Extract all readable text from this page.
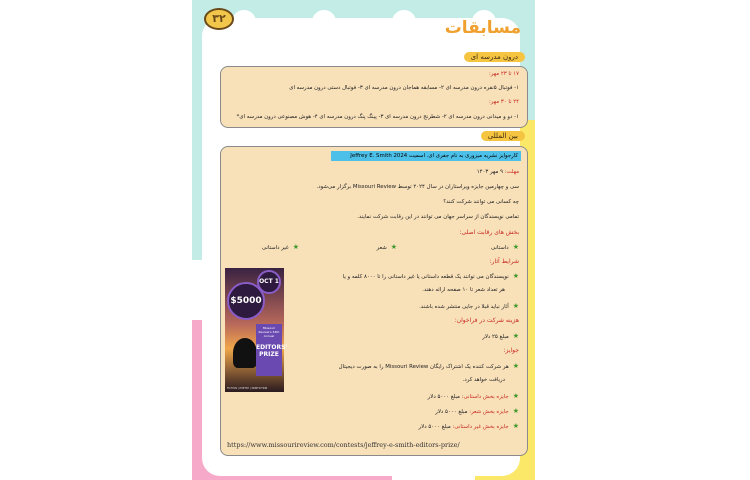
۳۲	مسابقات
درون مدرسه ای
۱۷ تا ۲۳ مهر:
۱- فوتبال ۵نفره درون مدرسه ای ۲- مسابقه هماجان درون مدرسه ای ۳- فوتبال دستی درون مدرسه ای
۲۴ تا ۳۰ مهر:
۱- دو و میدانی درون مدرسه ای ۲- شطرنج درون مدرسه ای ۳- پینگ پنگ درون مدرسه ای ۴- هوش مصنوعی درون مدرسه ای*
بین المللی
کارجوایز نشریه میزوری به نام جفری ای. اسمیت Jeffrey E. Smith 2024
مهلت: ۹ مهر ۱۴۰۳
سی و چهارمین جایزه ویراستاران در سال ۲۰۲۴ توسط Missouri Review برگزار می‌شود.
چه کسانی می توانند شرکت کنند؟
تمامی نویسندگان از سراسر جهان می توانند در این رقابت شرکت نمایند.
بخش های رقابت اصلی:
★داستانی
★شعر
★غیر داستانی
شرایط آثار:
★نویسندگان می توانند یک قطعه داستانی یا غیر داستانی را تا ۸۰۰۰ کلمه و یا
هر تعداد شعر تا ۱۰ صفحه ارائه دهند.
★آثار نباید قبلا در جایی منتشر شده باشند.
هزینه شرکت در فراخوان:
★مبلغ ۲۵ دلار
جوایز:
★هر شرکت کننده یک اشتراک رایگان Missouri Review را به صورت دیجیتال
دریافت خواهد کرد.
★جایزه بخش داستانی: مبلغ ۵۰۰۰ دلار
★جایزه بخش شعر: مبلغ ۵۰۰۰ دلار
★جایزه بخش غیر داستانی: مبلغ ۵۰۰۰ دلار
https://www.missourireview.com/contests/jeffrey-e-smith-editors-prize/
OCT 1
$5000
Missouri Review's 34th Annual
EDITORS' PRIZE
FICTION | POETRY | NONFICTION
